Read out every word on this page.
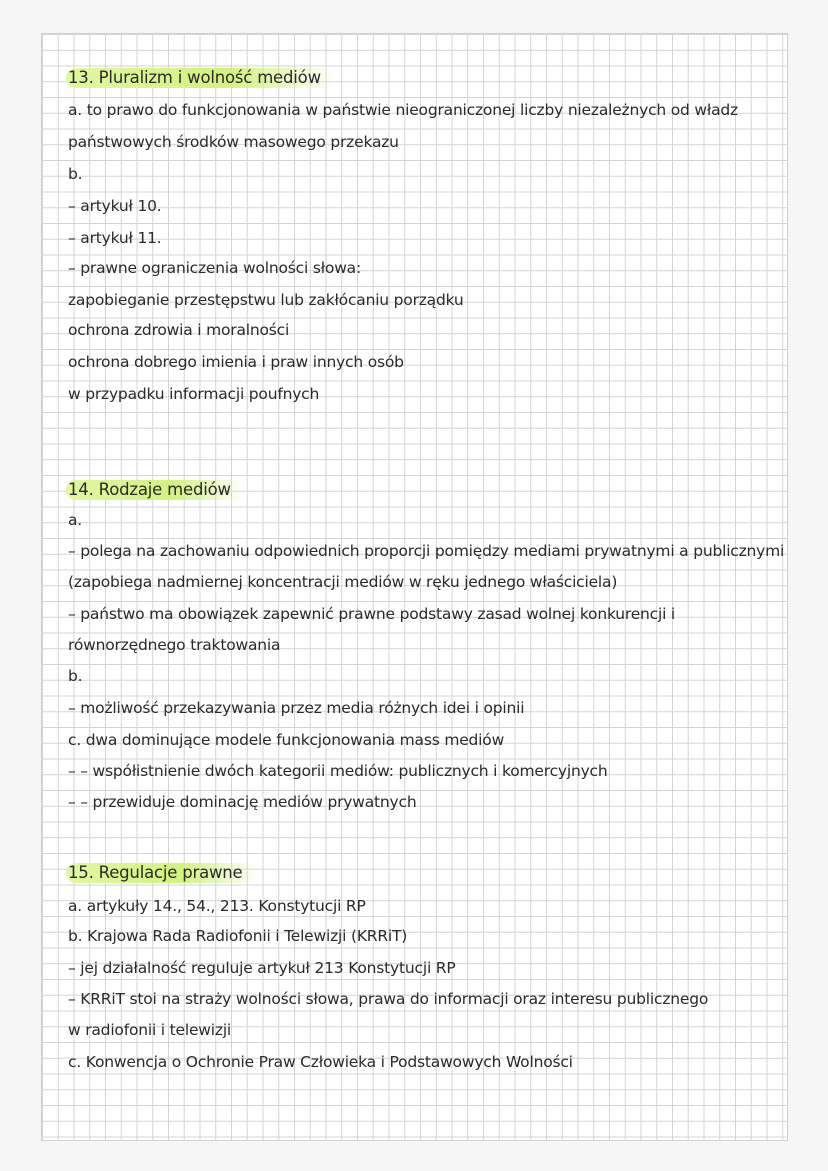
13. Pluralizm i wolność mediów
a. to prawo do funkcjonowania w państwie nieograniczonej liczby niezależnych od władz
państwowych środków masowego przekazu
b.
– artykuł 10.
– artykuł 11.
– prawne ograniczenia wolności słowa:
zapobieganie przestępstwu lub zakłócaniu porządku
ochrona zdrowia i moralności
ochrona dobrego imienia i praw innych osób
w przypadku informacji poufnych
14. Rodzaje mediów
a.
– polega na zachowaniu odpowiednich proporcji pomiędzy mediami prywatnymi a publicznymi
(zapobiega nadmiernej koncentracji mediów w ręku jednego właściciela)
– państwo ma obowiązek zapewnić prawne podstawy zasad wolnej konkurencji i
równorzędnego traktowania
b.
– możliwość przekazywania przez media różnych idei i opinii
c. dwa dominujące modele funkcjonowania mass mediów
– – współistnienie dwóch kategorii mediów: publicznych i komercyjnych
– – przewiduje dominację mediów prywatnych
15. Regulacje prawne
a. artykuły 14., 54., 213. Konstytucji RP
b. Krajowa Rada Radiofonii i Telewizji (KRRiT)
– jej działalność reguluje artykuł 213 Konstytucji RP
– KRRiT stoi na straży wolności słowa, prawa do informacji oraz interesu publicznego
w radiofonii i telewizji
c. Konwencja o Ochronie Praw Człowieka i Podstawowych Wolności
